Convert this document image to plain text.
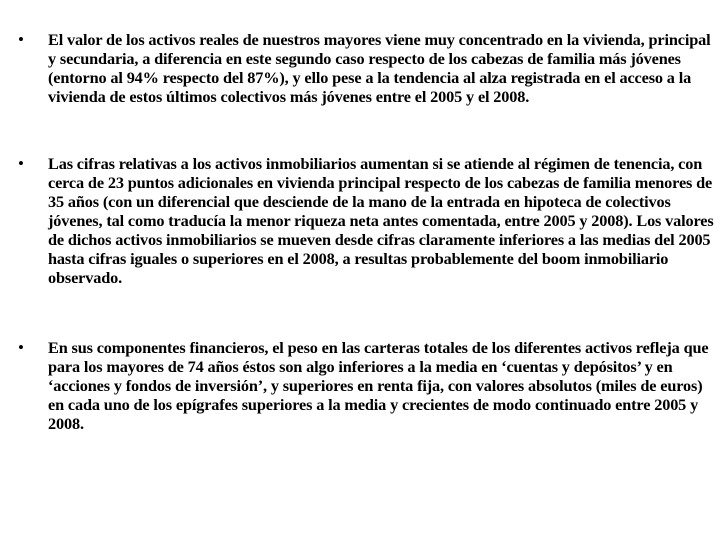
•	El valor de los activos reales de nuestros mayores viene muy concentrado en la vivienda, principal y secundaria, a diferencia en este segundo caso respecto de los cabezas de familia más jóvenes (entorno al 94% respecto del 87%), y ello pese a la tendencia al alza registrada en el acceso a la vivienda de estos últimos colectivos más jóvenes entre el 2005 y el 2008.
•	Las cifras relativas a los activos inmobiliarios aumentan si se atiende al régimen de tenencia, con cerca de 23 puntos adicionales en vivienda principal respecto de los cabezas de familia menores de 35 años (con un diferencial que desciende de la mano de la entrada en hipoteca de colectivos jóvenes, tal como traducía la menor riqueza neta antes comentada, entre 2005 y 2008). Los valores de dichos activos inmobiliarios se mueven desde cifras claramente inferiores a las medias del 2005 hasta cifras iguales o superiores en el 2008, a resultas probablemente del boom inmobiliario observado.
•	En sus componentes financieros, el peso en las carteras totales de los diferentes activos refleja que para los mayores de 74 años éstos son algo inferiores a la media en ‘cuentas y depósitos’ y en ‘acciones y fondos de inversión’, y superiores en renta fija, con valores absolutos (miles de euros) en cada uno de los epígrafes superiores a la media y crecientes de modo continuado entre 2005 y 2008.
